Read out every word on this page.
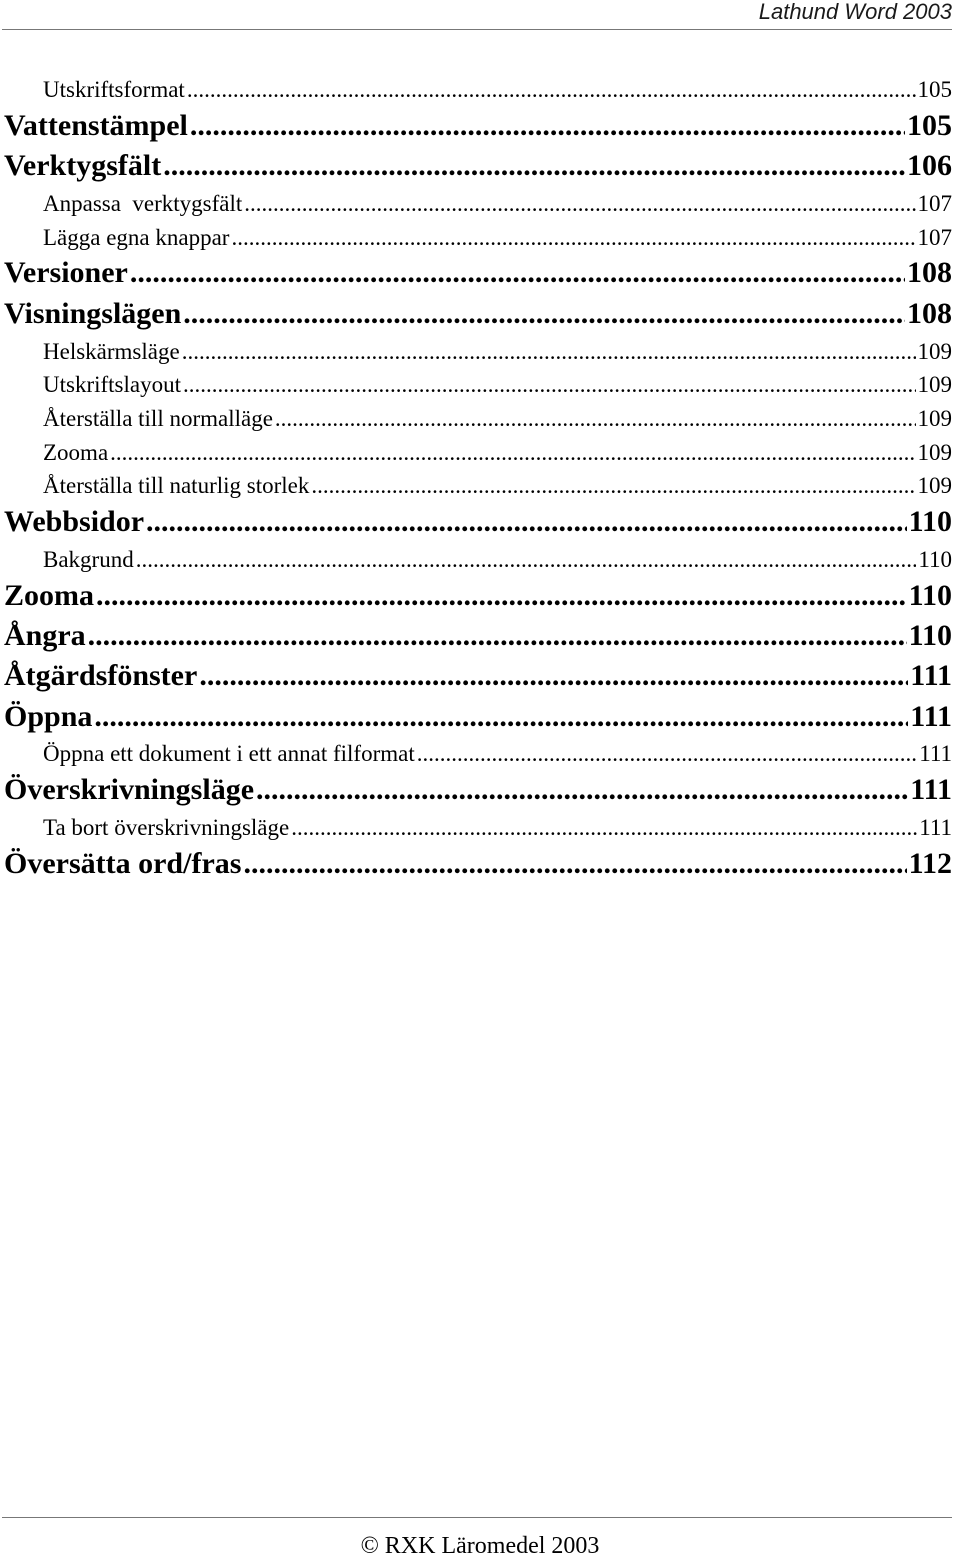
Lathund Word 2003
Utskriftsformat .....	105
Vattenstämpel .....	105
Verktygsfält .....	106
Anpassa  verktygsfält .....	107
Lägga egna knappar .....	107
Versioner .....	108
Visningslägen .....	108
Helskärmsläge .....	109
Utskriftslayout .....	109
Återställa till normalläge .....	109
Zooma .....	109
Återställa till naturlig storlek .....	109
Webbsidor .....	110
Bakgrund .....	110
Zooma .....	110
Ångra .....	110
Åtgärdsfönster .....	111
Öppna .....	111
Öppna ett dokument i ett annat filformat .....	111
Överskrivningsläge .....	111
Ta bort överskrivningsläge .....	111
Översätta ord/fras .....	112
© RXK Läromedel 2003
